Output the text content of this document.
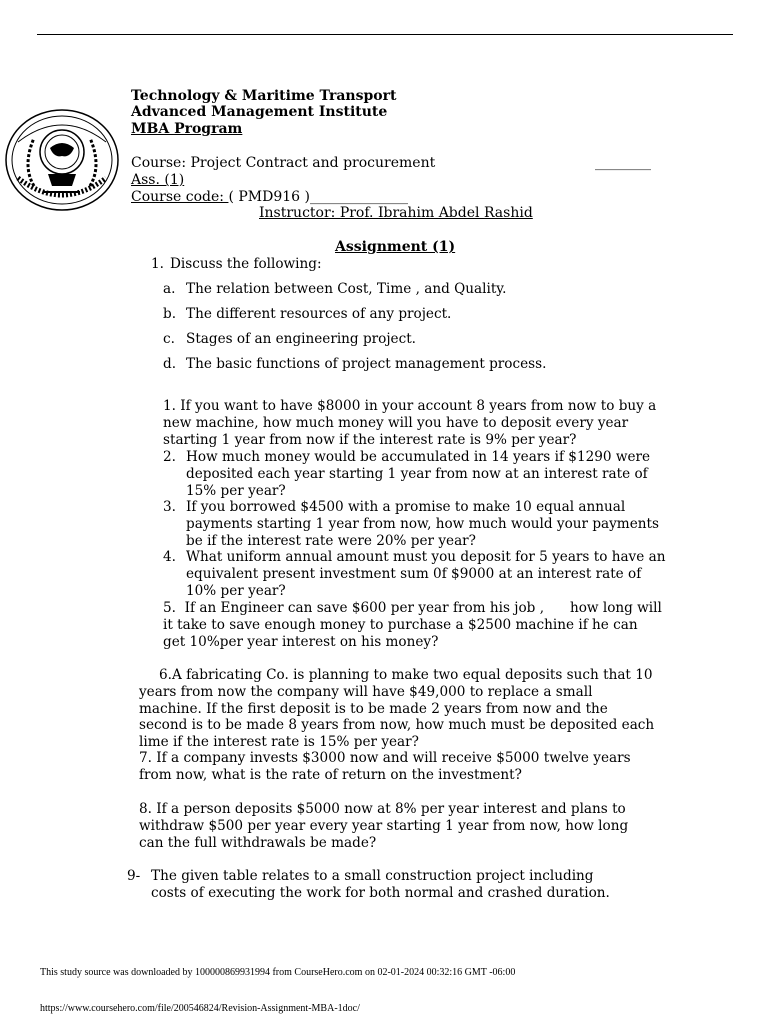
Technology & Maritime Transport
Advanced Management Institute
MBA Program
Course: Project Contract and procurement	________
Ass. (1)
Course code: ( PMD916 )______________
Instructor: Prof. Ibrahim Abdel Rashid
Assignment (1)
1. Discuss the following:
a. The relation between Cost, Time , and Quality.
b. The different resources of any project.
c. Stages of an engineering project.
d. The basic functions of project management process.
1. If you want to have $8000 in your account 8 years from now to buy a new machine, how much money will you have to deposit every year starting 1 year from now if the interest rate is 9% per year?
2. How much money would be accumulated in 14 years if $1290 were deposited each year starting 1 year from now at an interest rate of 15% per year?
3. If you borrowed $4500 with a promise to make 10 equal annual payments starting 1 year from now, how much would your payments be if the interest rate were 20% per year?
4. What uniform annual amount must you deposit for 5 years to have an equivalent present investment sum 0f $9000 at an interest rate of 10% per year?
5.  If an Engineer can save $600 per year from his job ,      how long will it take to save enough money to purchase a $2500 machine if he can get 10%per year interest on his money?
6.A fabricating Co. is planning to make two equal deposits such that 10 years from now the company will have $49,000 to replace a small machine. If the first deposit is to be made 2 years from now and the second is to be made 8 years from now, how much must be deposited each lime if the interest rate is 15% per year?
7. If a company invests $3000 now and will receive $5000 twelve years from now, what is the rate of return on the investment?
8. If a person deposits $5000 now at 8% per year interest and plans to withdraw $500 per year every year starting 1 year from now, how long can the full withdrawals be made?
9- The given table relates to a small construction project including costs of executing the work for both normal and crashed duration.
This study source was downloaded by 100000869931994 from CourseHero.com on 02-01-2024 00:32:16 GMT -06:00
https://www.coursehero.com/file/200546824/Revision-Assignment-MBA-1doc/
